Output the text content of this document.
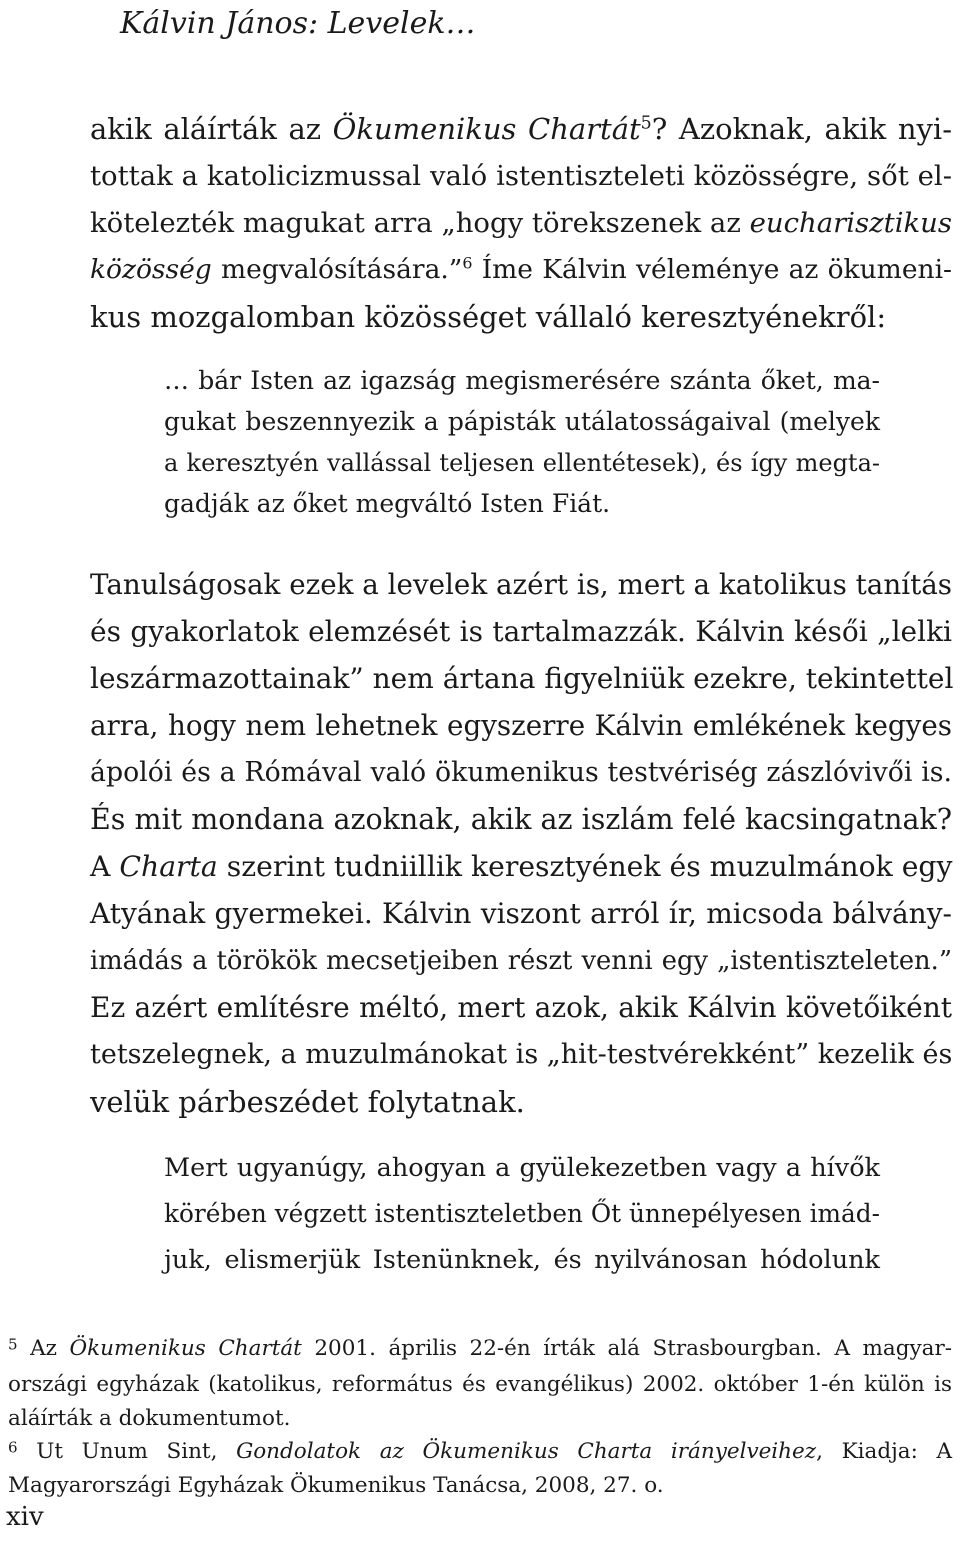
Kálvin János: Levelek…
akik aláírták az Ökumenikus Chartát$^5$? Azoknak, akik nyi-
tottak a katolicizmussal való istentiszteleti közösségre, sőt el-
kötelezték magukat arra „hogy törekszenek az eucharisztikus
közösség megvalósítására.”$^6$ Íme Kálvin véleménye az ökumeni-
kus mozgalomban közösséget vállaló keresztyénekről:
… bár Isten az igazság megismerésére szánta őket, ma-
gukat beszennyezik a pápisták utálatosságaival (melyek
a keresztyén vallással teljesen ellentétesek), és így megta-
gadják az őket megváltó Isten Fiát.
Tanulságosak ezek a levelek azért is, mert a katolikus tanítás
és gyakorlatok elemzését is tartalmazzák. Kálvin késői „lelki
leszármazottainak” nem ártana figyelniük ezekre, tekintettel
arra, hogy nem lehetnek egyszerre Kálvin emlékének kegyes
ápolói és a Rómával való ökumenikus testvériség zászlóvivői is.
És mit mondana azoknak, akik az iszlám felé kacsingatnak?
A Charta szerint tudniillik keresztyének és muzulmánok egy
Atyának gyermekei. Kálvin viszont arról ír, micsoda bálvány-
imádás a törökök mecsetjeiben részt venni egy „istentiszteleten.”
Ez azért említésre méltó, mert azok, akik Kálvin követőiként
tetszelegnek, a muzulmánokat is „hit-testvérekként” kezelik és
velük párbeszédet folytatnak.
Mert ugyanúgy, ahogyan a gyülekezetben vagy a hívők
körében végzett istentiszteletben Őt ünnepélyesen imád-
juk, elismerjük Istenünknek, és nyilvánosan hódolunk
$^5$ Az Ökumenikus Chartát 2001. április 22-én írták alá Strasbourgban. A magyar-
országi egyházak (katolikus, református és evangélikus) 2002. október 1-én külön is
aláírták a dokumentumot.
$^6$ Ut Unum Sint, Gondolatok az Ökumenikus Charta irányelveihez, Kiadja: A
Magyarországi Egyházak Ökumenikus Tanácsa, 2008, 27. o.
xiv
